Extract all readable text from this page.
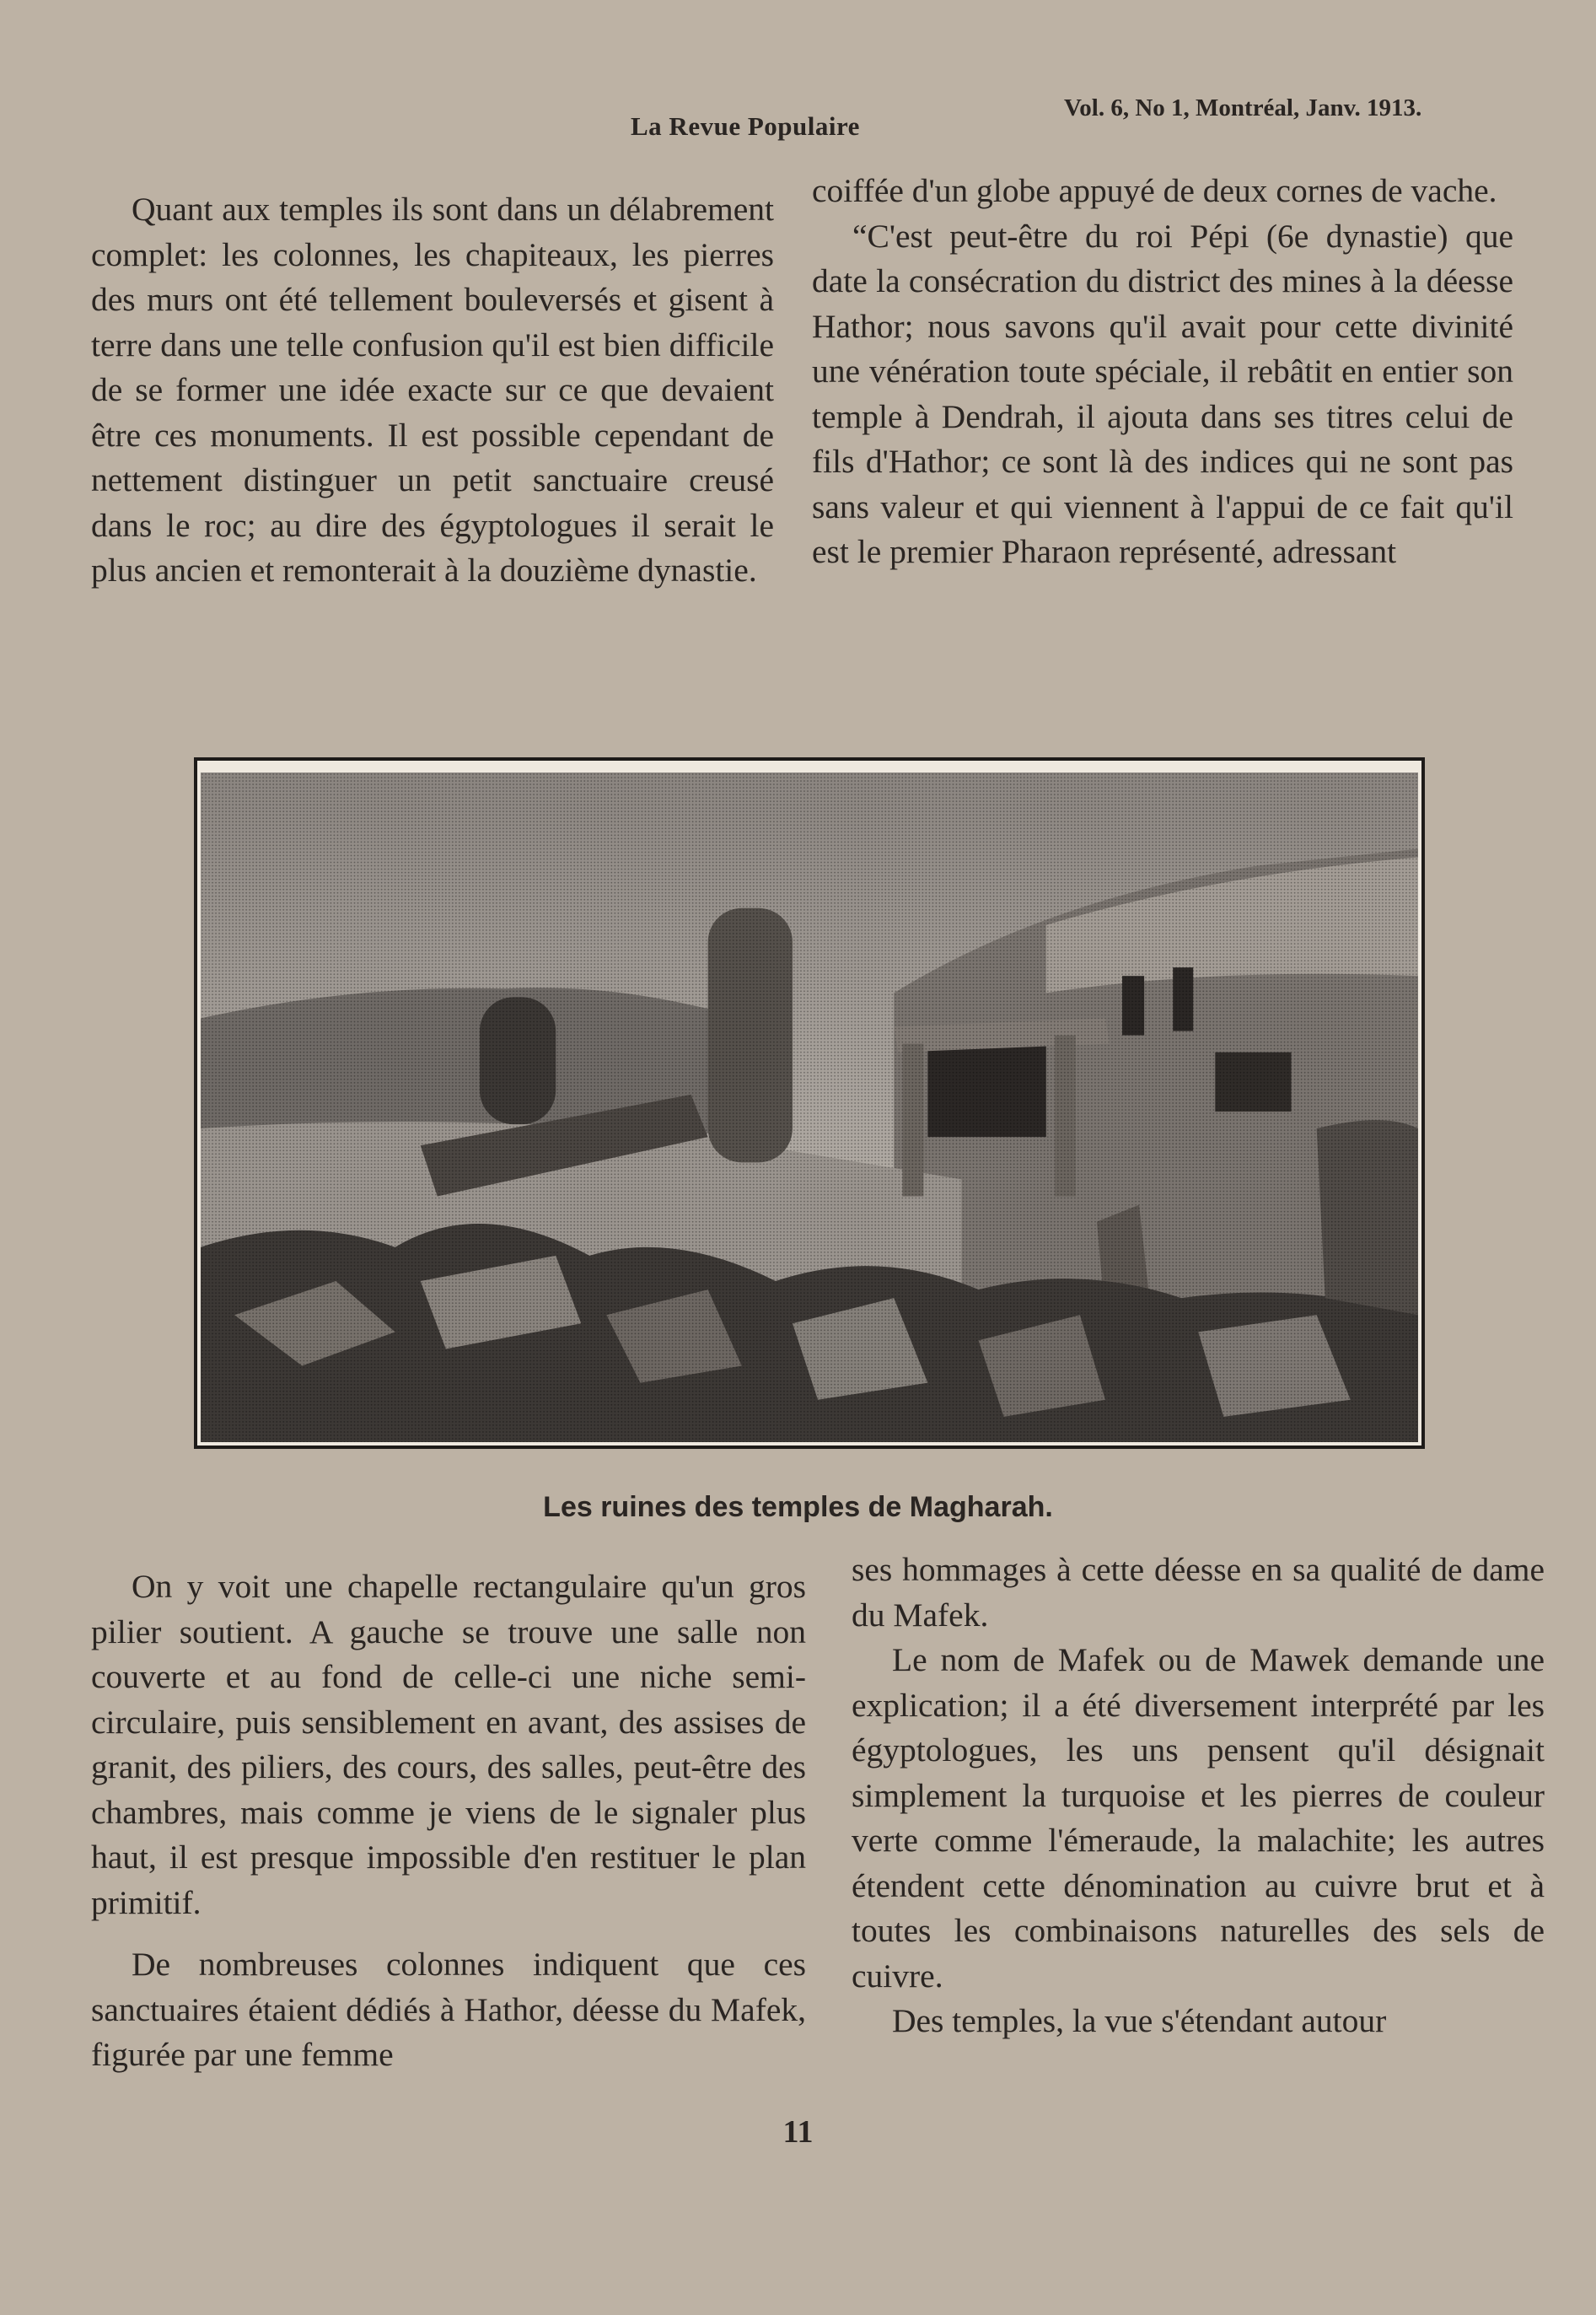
La Revue Populaire
Vol. 6, No 1, Montréal, Janv. 1913.

Quant aux temples ils sont dans un délabrement complet: les colonnes, les chapiteaux, les pierres des murs ont été tellement bouleversés et gisent à terre dans une telle confusion qu'il est bien difficile de se former une idée exacte sur ce que devaient être ces monuments. Il est possible cependant de nettement distinguer un petit sanctuaire creusé dans le roc; au dire des égyptologues il serait le plus ancien et remonterait à la douzième dynastie.

coiffée d'un globe appuyé de deux cornes de vache.

“C'est peut-être du roi Pépi (6e dynastie) que date la consécration du district des mines à la déesse Hathor; nous savons qu'il avait pour cette divinité une vénération toute spéciale, il rebâtit en entier son temple à Dendrah, il ajouta dans ses titres celui de fils d'Hathor; ce sont là des indices qui ne sont pas sans valeur et qui viennent à l'appui de ce fait qu'il est le premier Pharaon représenté, adressant

Les ruines des temples de Magharah.

On y voit une chapelle rectangulaire qu'un gros pilier soutient. A gauche se trouve une salle non couverte et au fond de celle-ci une niche semi-circulaire, puis sensiblement en avant, des assises de granit, des piliers, des cours, des salles, peut-être des chambres, mais comme je viens de le signaler plus haut, il est presque impossible d'en restituer le plan primitif.

De nombreuses colonnes indiquent que ces sanctuaires étaient dédiés à Hathor, déesse du Mafek, figurée par une femme

ses hommages à cette déesse en sa qualité de dame du Mafek.

Le nom de Mafek ou de Mawek demande une explication; il a été diversement interprété par les égyptologues, les uns pensent qu'il désignait simplement la turquoise et les pierres de couleur verte comme l'émeraude, la malachite; les autres étendent cette dénomination au cuivre brut et à toutes les combinaisons naturelles des sels de cuivre.

Des temples, la vue s'étendant autour

11
